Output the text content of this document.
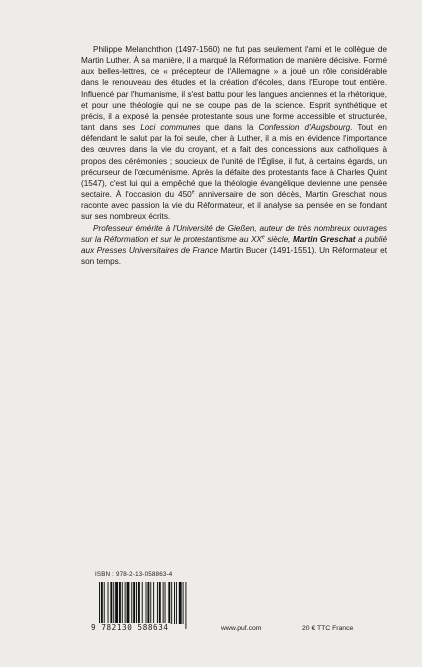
Philippe Melanchthon (1497-1560) ne fut pas seulement l'ami et le collègue de Martin Luther. À sa manière, il a marqué la Réformation de manière décisive. Formé aux belles-lettres, ce « précepteur de l'Allemagne » a joué un rôle considérable dans le renouveau des études et la création d'écoles, dans l'Europe tout entière. Influencé par l'humanisme, il s'est battu pour les langues anciennes et la rhétorique, et pour une théologie qui ne se coupe pas de la science. Esprit synthétique et précis, il a exposé la pensée protestante sous une forme accessible et structurée, tant dans ses Loci communes que dans la Confession d'Augsbourg. Tout en défendant le salut par la foi seule, cher à Luther, il a mis en évidence l'importance des œuvres dans la vie du croyant, et a fait des concessions aux catholiques à propos des cérémonies ; soucieux de l'unité de l'Église, il fut, à certains égards, un précurseur de l'œcuménisme. Après la défaite des protestants face à Charles Quint (1547), c'est lui qui a empêché que la théologie évangélique devienne une pensée sectaire. À l'occasion du 450e anniversaire de son décès, Martin Greschat nous raconte avec passion la vie du Réformateur, et il analyse sa pensée en se fondant sur ses nombreux écrits.

Professeur émérite à l'Université de Gießen, auteur de très nombreux ouvrages sur la Réformation et sur le protestantisme au XXe siècle, Martin Greschat a publié aux Presses Universitaires de France Martin Bucer (1491-1551). Un Réformateur et son temps.

ISBN : 978-2-13-058863-4
9 782130 588634	www.puf.com	20 € TTC France
